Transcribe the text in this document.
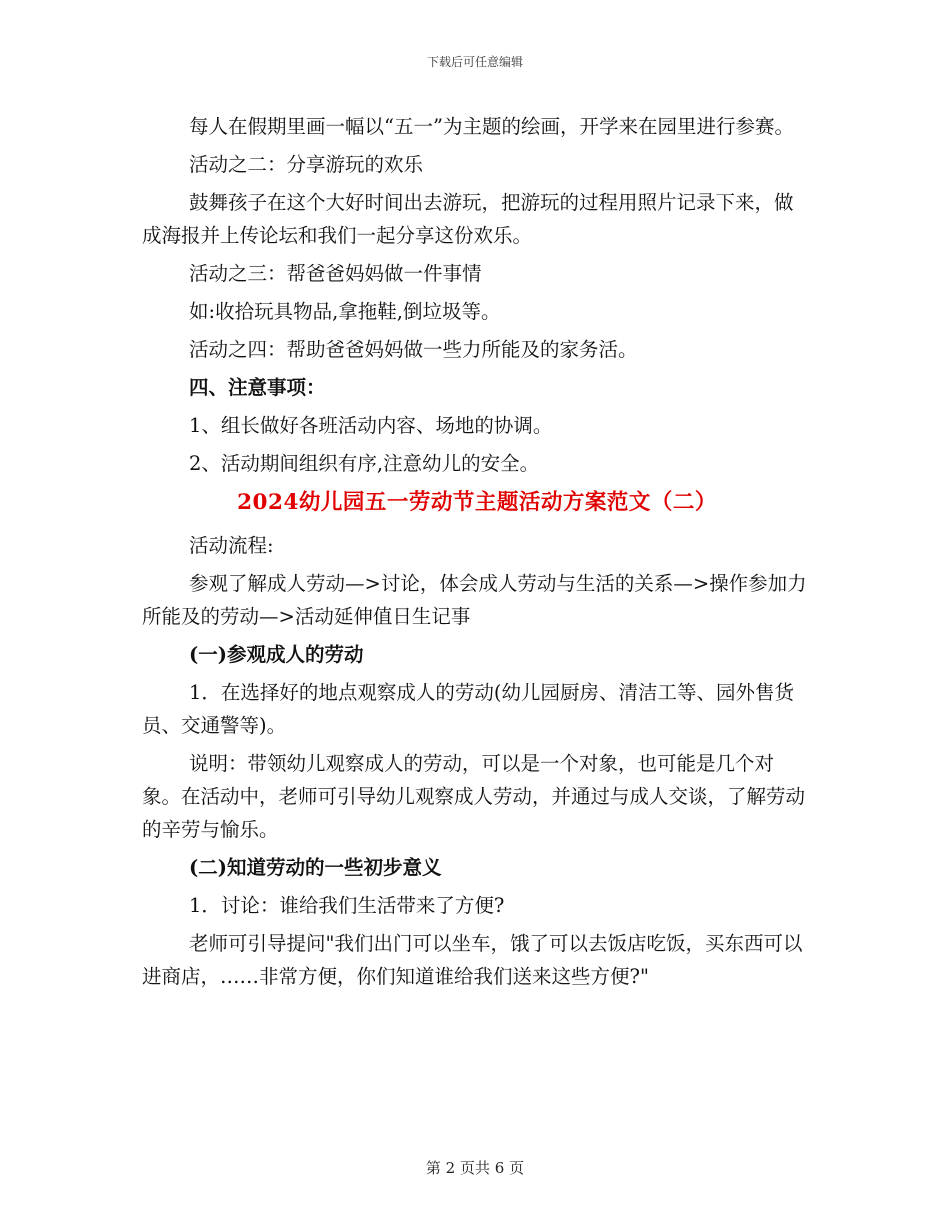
下载后可任意编辑

每人在假期里画一幅以“五一”为主题的绘画，开学来在园里进行参赛。

活动之二：分享游玩的欢乐

鼓舞孩子在这个大好时间出去游玩，把游玩的过程用照片记录下来，做成海报并上传论坛和我们一起分享这份欢乐。

活动之三：帮爸爸妈妈做一件事情

如:收拾玩具物品,拿拖鞋,倒垃圾等。

活动之四：帮助爸爸妈妈做一些力所能及的家务活。

四、注意事项：

1、组长做好各班活动内容、场地的协调。

2、活动期间组织有序,注意幼儿的安全。

2024幼儿园五一劳动节主题活动方案范文（二）

活动流程:

参观了解成人劳动—>讨论，体会成人劳动与生活的关系—>操作参加力所能及的劳动—>活动延伸值日生记事

(一)参观成人的劳动

1．在选择好的地点观察成人的劳动(幼儿园厨房、清洁工等、园外售货员、交通警等)。

说明：带领幼儿观察成人的劳动，可以是一个对象，也可能是几个对象。在活动中，老师可引导幼儿观察成人劳动，并通过与成人交谈，了解劳动的辛劳与愉乐。

(二)知道劳动的一些初步意义

1．讨论：谁给我们生活带来了方便?

老师可引导提问"我们出门可以坐车，饿了可以去饭店吃饭，买东西可以进商店，……非常方便，你们知道谁给我们送来这些方便?"

第 2 页共 6 页
